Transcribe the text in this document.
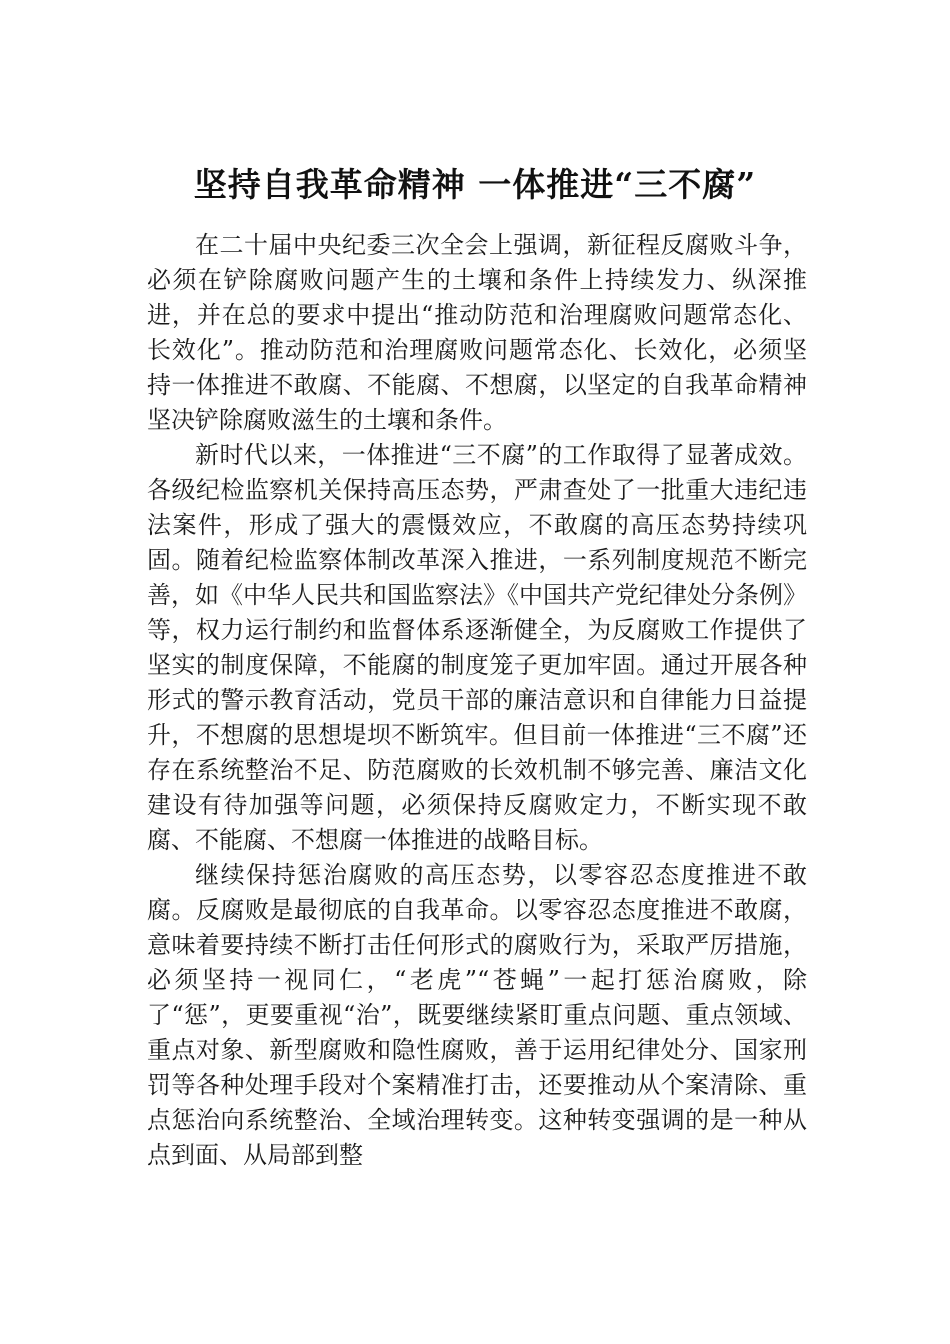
坚持自我革命精神 一体推进“三不腐”

在二十届中央纪委三次全会上强调，新征程反腐败斗争，必须在铲除腐败问题产生的土壤和条件上持续发力、纵深推进，并在总的要求中提出“推动防范和治理腐败问题常态化、长效化”。推动防范和治理腐败问题常态化、长效化，必须坚持一体推进不敢腐、不能腐、不想腐，以坚定的自我革命精神坚决铲除腐败滋生的土壤和条件。

新时代以来，一体推进“三不腐”的工作取得了显著成效。各级纪检监察机关保持高压态势，严肃查处了一批重大违纪违法案件，形成了强大的震慑效应，不敢腐的高压态势持续巩固。随着纪检监察体制改革深入推进，一系列制度规范不断完善，如《中华人民共和国监察法》《中国共产党纪律处分条例》等，权力运行制约和监督体系逐渐健全，为反腐败工作提供了坚实的制度保障，不能腐的制度笼子更加牢固。通过开展各种形式的警示教育活动，党员干部的廉洁意识和自律能力日益提升，不想腐的思想堤坝不断筑牢。但目前一体推进“三不腐”还存在系统整治不足、防范腐败的长效机制不够完善、廉洁文化建设有待加强等问题，必须保持反腐败定力，不断实现不敢腐、不能腐、不想腐一体推进的战略目标。

继续保持惩治腐败的高压态势，以零容忍态度推进不敢腐。反腐败是最彻底的自我革命。以零容忍态度推进不敢腐，意味着要持续不断打击任何形式的腐败行为，采取严厉措施，必须坚持一视同仁，“老虎”“苍蝇”一起打惩治腐败，除了“惩”，更要重视“治”，既要继续紧盯重点问题、重点领域、重点对象、新型腐败和隐性腐败，善于运用纪律处分、国家刑罚等各种处理手段对个案精准打击，还要推动从个案清除、重点惩治向系统整治、全域治理转变。这种转变强调的是一种从点到面、从局部到整
